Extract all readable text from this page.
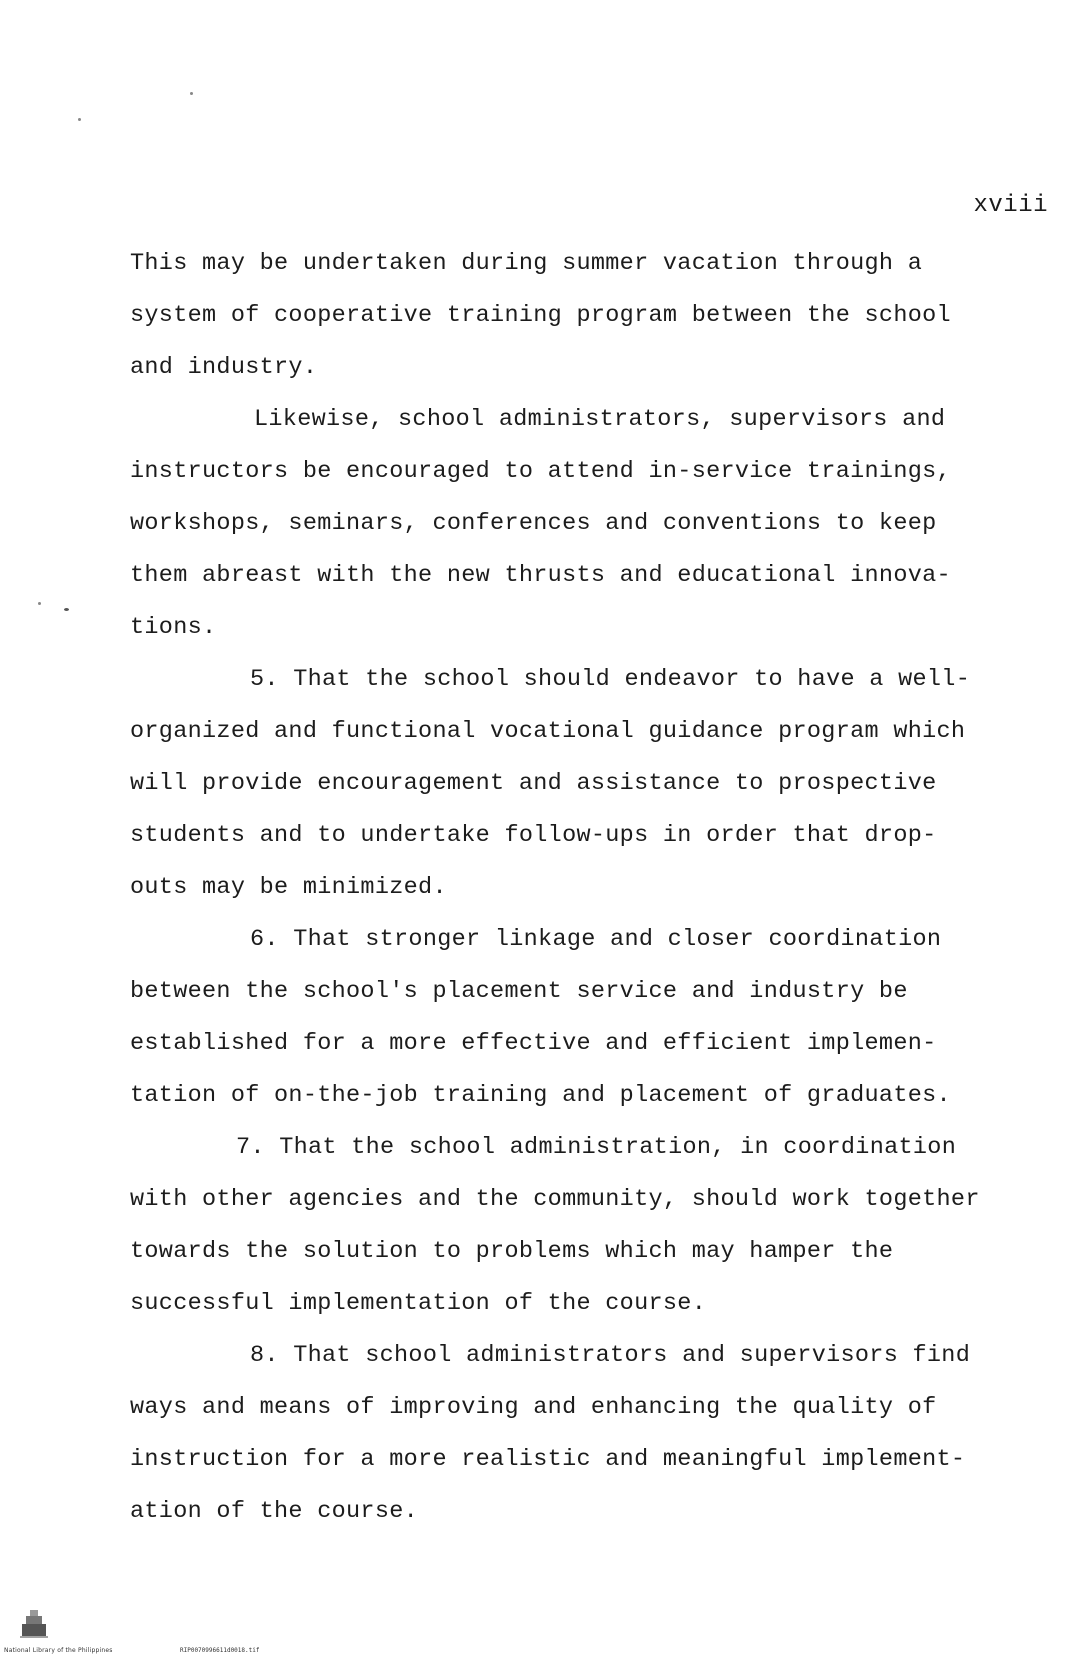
xviii
This may be undertaken during summer vacation through a
system of cooperative training program between the school
and industry.
Likewise, school administrators, supervisors and
instructors be encouraged to attend in-service trainings,
workshops, seminars, conferences and conventions to keep
them abreast with the new thrusts and educational innova-
tions.
5. That the school should endeavor to have a well-
organized and functional vocational guidance program which
will provide encouragement and assistance to prospective
students and to undertake follow-ups in order that drop-
outs may be minimized.
6. That stronger linkage and closer coordination
between the school's placement service and industry be
established for a more effective and efficient implemen-
tation of on-the-job training and placement of graduates.
7. That the school administration, in coordination
with other agencies and the community, should work together
towards the solution to problems which may hamper the
successful implementation of the course.
8. That school administrators and supervisors find
ways and means of improving and enhancing the quality of
instruction for a more realistic and meaningful implement-
ation of the course.
National Library of the Philippines	RIP0070996611d0018.tif
